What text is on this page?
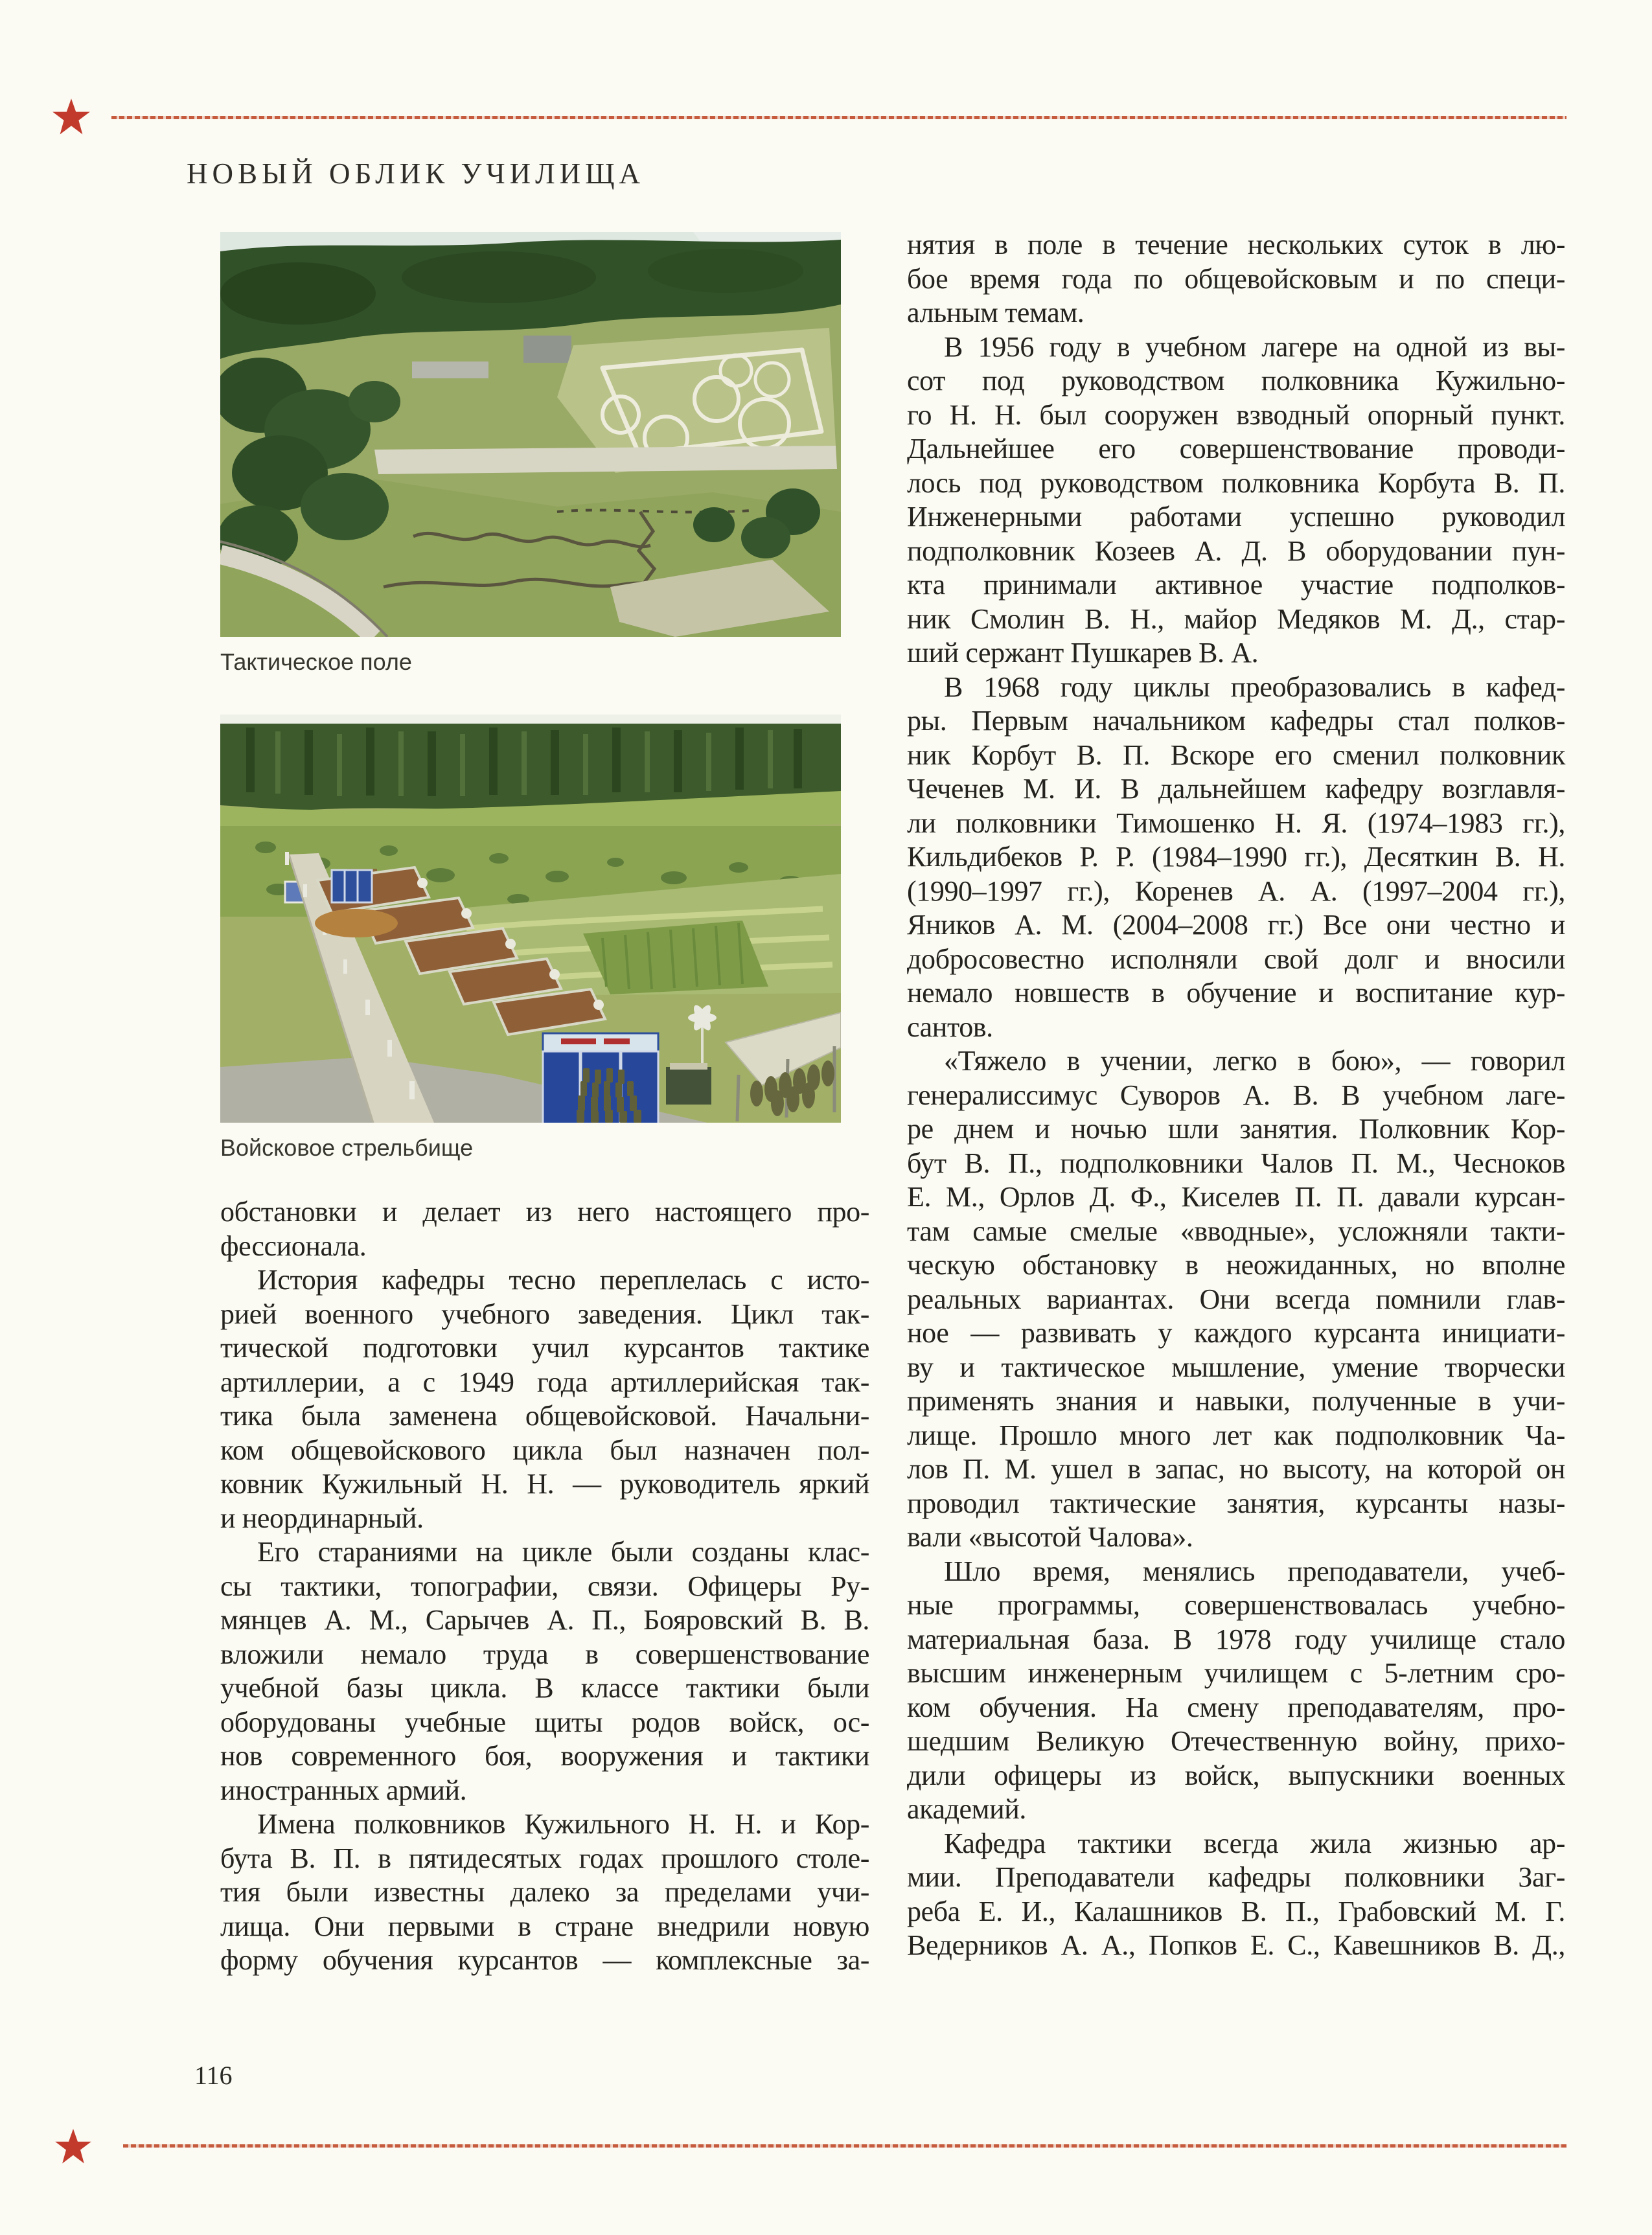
НОВЫЙ ОБЛИК УЧИЛИЩА
Тактическое поле
Войсковое стрельбище
обстановки и делает из него настоящего про-
фессионала.
История кафедры тесно переплелась с исто-
рией военного учебного заведения. Цикл так-
тической подготовки учил курсантов тактике
артиллерии, а с 1949 года артиллерийская так-
тика была заменена общевойсковой. Начальни-
ком общевойскового цикла был назначен пол-
ковник Кужильный Н. Н. — руководитель яркий
и неординарный.
Его стараниями на цикле были созданы клас-
сы тактики, топографии, связи. Офицеры Ру-
мянцев А. М., Сарычев А. П., Бояровский В. В.
вложили немало труда в совершенствование
учебной базы цикла. В классе тактики были
оборудованы учебные щиты родов войск, ос-
нов современного боя, вооружения и тактики
иностранных армий.
Имена полковников Кужильного Н. Н. и Кор-
бута В. П. в пятидесятых годах прошлого столе-
тия были известны далеко за пределами учи-
лища. Они первыми в стране внедрили новую
форму обучения курсантов — комплексные за-
нятия в поле в течение нескольких суток в лю-
бое время года по общевойсковым и по специ-
альным темам.
В 1956 году в учебном лагере на одной из вы-
сот под руководством полковника Кужильно-
го Н. Н. был сооружен взводный опорный пункт.
Дальнейшее его совершенствование проводи-
лось под руководством полковника Корбута В. П.
Инженерными работами успешно руководил
подполковник Козеев А. Д. В оборудовании пун-
кта принимали активное участие подполков-
ник Смолин В. Н., майор Медяков М. Д., стар-
ший сержант Пушкарев В. А.
В 1968 году циклы преобразовались в кафед-
ры. Первым начальником кафедры стал полков-
ник Корбут В. П. Вскоре его сменил полковник
Чеченев М. И. В дальнейшем кафедру возглавля-
ли полковники Тимошенко Н. Я. (1974–1983 гг.),
Кильдибеков Р. Р. (1984–1990 гг.), Десяткин В. Н.
(1990–1997 гг.), Коренев А. А. (1997–2004 гг.),
Яников А. М. (2004–2008 гг.) Все они честно и
добросовестно исполняли свой долг и вносили
немало новшеств в обучение и воспитание кур-
сантов.
«Тяжело в учении, легко в бою», — говорил
генералиссимус Суворов А. В. В учебном лаге-
ре днем и ночью шли занятия. Полковник Кор-
бут В. П., подполковники Чалов П. М., Чесноков
Е. М., Орлов Д. Ф., Киселев П. П. давали курсан-
там самые смелые «вводные», усложняли такти-
ческую обстановку в неожиданных, но вполне
реальных вариантах. Они всегда помнили глав-
ное — развивать у каждого курсанта инициати-
ву и тактическое мышление, умение творчески
применять знания и навыки, полученные в учи-
лище. Прошло много лет как подполковник Ча-
лов П. М. ушел в запас, но высоту, на которой он
проводил тактические занятия, курсанты назы-
вали «высотой Чалова».
Шло время, менялись преподаватели, учеб-
ные программы, совершенствовалась учебно-
материальная база. В 1978 году училище стало
высшим инженерным училищем с 5-летним сро-
ком обучения. На смену преподавателям, про-
шедшим Великую Отечественную войну, прихо-
дили офицеры из войск, выпускники военных
академий.
Кафедра тактики всегда жила жизнью ар-
мии. Преподаватели кафедры полковники Заг-
реба Е. И., Калашников В. П., Грабовский М. Г.
Ведерников А. А., Попков Е. С., Кавешников В. Д.,
116
